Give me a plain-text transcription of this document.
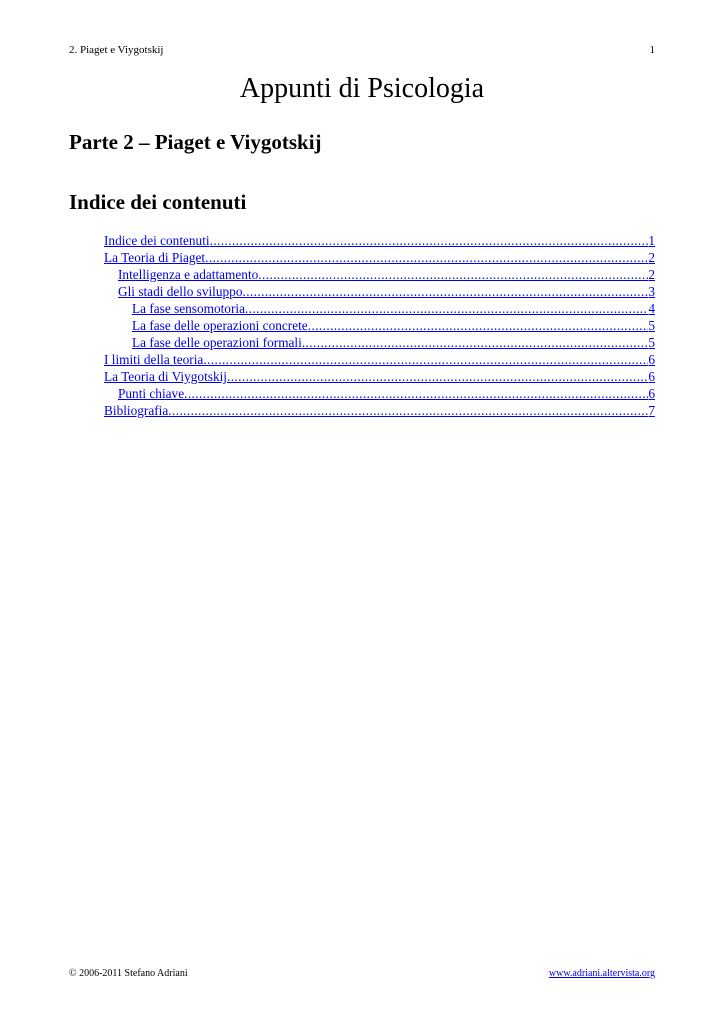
2. Piaget e Viygotskij	1
Appunti di Psicologia
Parte 2 – Piaget e Viygotskij
Indice dei contenuti
Indice dei contenuti .....	1
La Teoria di Piaget .....	2
Intelligenza e adattamento .....	2
Gli stadi dello sviluppo .....	3
La fase sensomotoria .....	4
La fase delle operazioni concrete .....	5
La fase delle operazioni formali .....	5
I limiti della teoria .....	6
La Teoria di Viygotskij .....	6
Punti chiave .....	6
Bibliografia .....	7
© 2006-2011 Stefano Adriani	www.adriani.altervista.org
